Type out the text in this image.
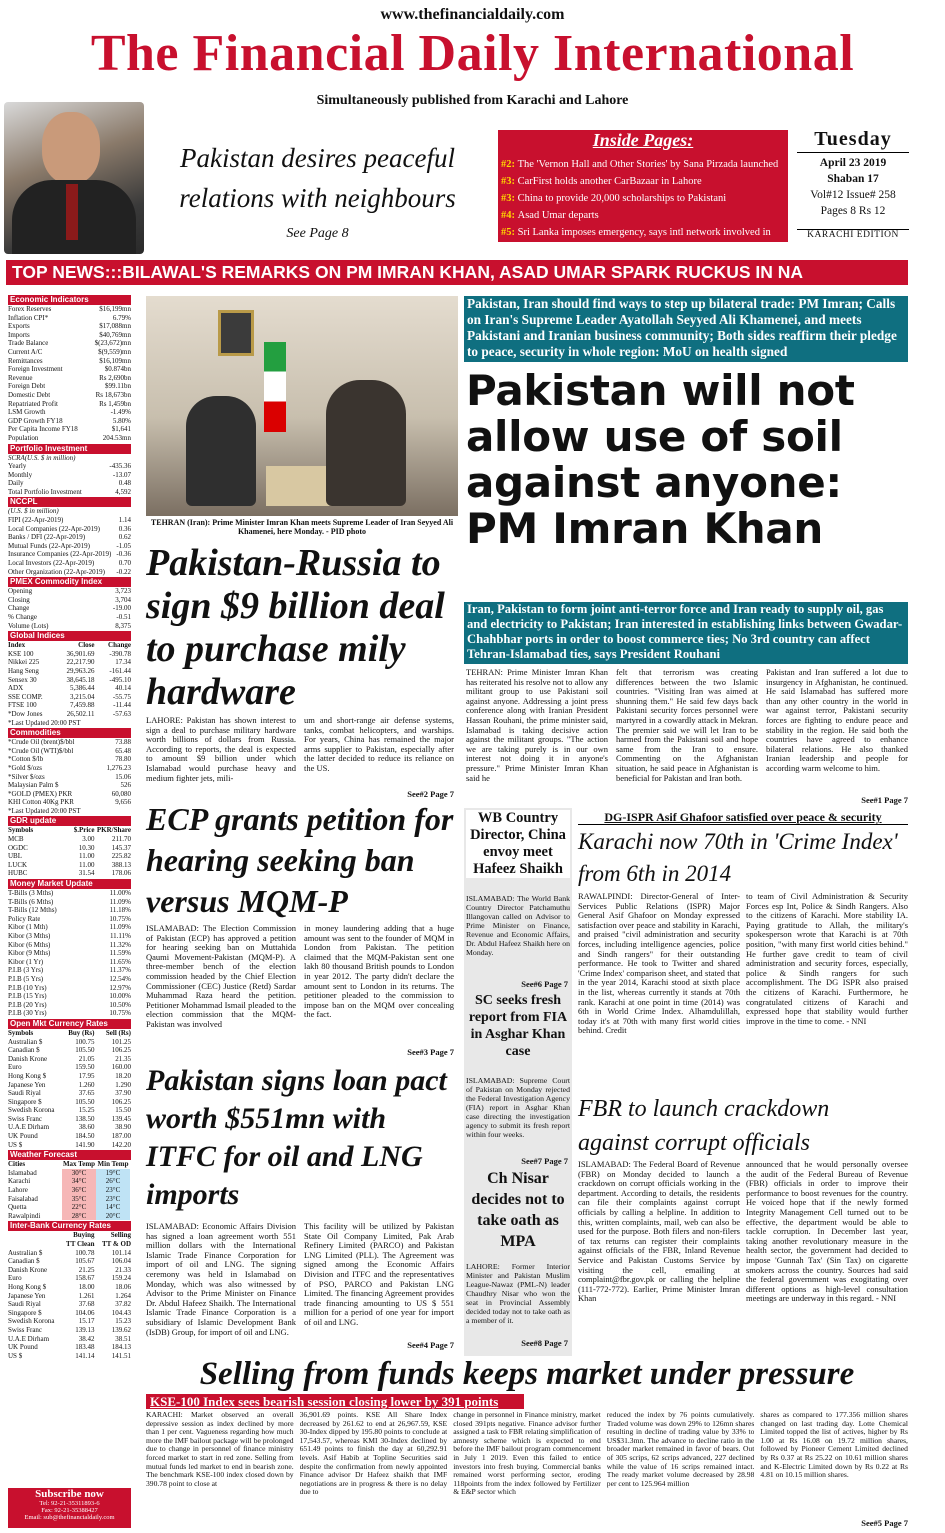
www.thefinancialdaily.com
The Financial Daily International
Simultaneously published from Karachi and Lahore
Pakistan desires peaceful
relations with neighbours
See Page 8
#2: The 'Vernon Hall and Other Stories' by Sana Pirzada launched
#3: CarFirst holds another CarBazaar in Lahore
#3: China to provide 20,000 scholarships to Pakistani
#4: Asad Umar departs
#5: Sri Lanka imposes emergency, says intl network involved in attacks
Inside Pages:	Tuesday
April 23 2019
Shaban 17
Vol#12 Issue# 258
Pages 8 Rs 12
KARACHI EDITION
TOP NEWS:::BILAWAL'S REMARKS ON PM IMRAN KHAN, ASAD UMAR SPARK RUCKUS IN NA
Economic Indicators
Forex Reserves	$16,199mn
Inflation CPI*	6.79%
Exports	$17,088mn
Imports	$40,769mn
Trade Balance	$(23,672)mn
Current A/C	$(9,559)mn
Remittances	$16,109mn
Foreign Investment	$0.874bn
Revenue	Rs 2,690bn
Foreign Debt	$99.11bn
Domestic Debt	Rs 18,673bn
Repatriated Profit	Rs 1,459bn
LSM Growth	-1.49%
GDP Growth FY18	5.80%
Per Capita Income FY18	$1,641
Population	204.53mn
Portfolio Investment
SCRA(U.S. $ in million)
Yearly	-435.36
Monthly	-13.07
Daily	0.48
Total Portfolio Investment	4,592
NCCPL
(U.S. $ in million)
FIPI (22-Apr-2019)	1.14
Local Companies (22-Apr-2019)	0.36
Banks / DFI (22-Apr-2019)	0.62
Mutual Funds (22-Apr-2019)	-1.05
Insurance Companies (22-Apr-2019) -0.36
Local Investors (22-Apr-2019)	0.70
Other Organization (22-Apr-2019) -0.22
PMEX Commodity Index
Opening	3,723
Closing	3,704
Change	-19.00
% Change	-0.51
Volume (Lots)	8,375
Global Indices
Index	Close	Change
KSE 100	36,901.69	-390.78
Nikkei 225	22,217.90	17.34
Hang Seng	29,963.26	-161.44
Sensex 30	38,645.18	-495.10
ADX	5,386.44	40.14
SSE COMP.	3,215.04	-55.75
FTSE 100	7,459.88	-11.44
*Dow Jones	26,502.11	-57.63
*Last Updated 20:00 PST
Commodities
*Crude Oil (brent)$/bbl	73.88
*Crude Oil (WTI)$/bbl	65.48
*Cotton $/lb	78.80
*Gold $/ozs	1,276.23
*Silver $/ozs	15.06
Malaysian Palm $	526
*GOLD (PMEX) PKR	60,080
KHI Cotton 40Kg PKR	9,656
*Last Updated 20:00 PST
GDR update
Symbols	$.Price PKR/Share
MCB	3.00	211.70
OGDC	10.30	145.37
UBL	11.00	225.82
LUCK	11.00	388.13
HUBC	31.54	178.06
Money Market Update
T-Bills (3 Mths)	11.00%
T-Bills (6 Mths)	11.09%
T-Bills (12 Mths)	11.18%
Policy Rate	10.75%
Kibor (1 Mth)	11.09%
Kibor (3 Mths)	11.11%
Kibor (6 Mths)	11.32%
Kibor (9 Mths)	11.59%
Kibor (1 Yr)	11.65%
P.I.B (3 Yrs)	11.37%
P.I.B (5 Yrs)	12.54%
P.I.B (10 Yrs)	12.97%
P.I.B (15 Yrs)	10.00%
P.I.B (20 Yrs)	10.50%
P.I.B (30 Yrs)	10.75%
Open Mkt Currency Rates
Symbols	Buy (Rs)	Sell (Rs)
Australian $	100.75	101.25
Canadian $	105.50	106.25
Danish Krone	21.05	21.35
Euro	159.50	160.00
Hong Kong $	17.95	18.20
Japanese Yen	1.260	1.290
Saudi Riyal	37.65	37.90
Singapore $	105.50	106.25
Swedish Korona	15.25	15.50
Swiss Franc	138.50	139.45
U.A.E Dirham	38.60	38.90
UK Pound	184.50	187.00
US $	141.90	142.20
Weather Forecast
Cities	Max Temp Min Temp
Islamabad	30°C	19°C
Karachi	34°C	26°C
Lahore	36°C	23°C
Faisalabad	35°C	23°C
Quetta	22°C	14°C
Rawalpindi	28°C	20°C
Inter-Bank Currency Rates
Buying	Selling
TT Clean	TT & OD
Australian $	100.78	101.14
Canadian $	105.67	106.04
Danish Krone	21.25	21.33
Euro	158.67	159.24
Hong Kong $	18.00	18.06
Japanese Yen	1.261	1.264
Saudi Riyal	37.68	37.82
Singapore $	104.06	104.43
Swedish Korona	15.17	15.23
Swiss Franc	139.13	139.62
U.A.E Dirham	38.42	38.51
UK Pound	183.48	184.13
US $	141.14	141.51
Subscribe now
Tel: 92-21-35311893-6
Fax: 92-21-35388427
Email: sub@thefinancialdaily.com
TEHRAN (Iran): Prime Minister Imran Khan meets Supreme Leader of Iran Seyyed Ali Khamenei, here Monday. - PID photo
Pakistan-Russia to sign $9 billion deal to purchase mily hardware
LAHORE: Pakistan has shown interest to sign a deal to purchase military hardware worth billions of dollars from Russia. According to reports, the deal is expected to amount $9 billion under which Islamabad would purchase heavy and medium fighter jets, mili-
um and short-range air defense systems, tanks, combat helicopters, and warships. For years, China has remained the major arms supplier to Pakistan, especially after the latter decided to reduce its reliance on the US.
See#2 Page 7
ECP grants petition for hearing seeking ban versus MQM-P
ISLAMABAD: The Election Commission of Pakistan (ECP) has approved a petition for hearing seeking ban on Muttahida Qaumi Movement-Pakistan (MQM-P). A three-member bench of the election commission headed by the Chief Election Commissioner (CEC) Justice (Retd) Sardar Muhammad Raza heard the petition. Petitioner Mohammad Ismail pleaded to the election commission that the MQM-Pakistan was involved
in money laundering adding that a huge amount was sent to the founder of MQM in London from Pakistan. The petition claimed that the MQM-Pakistan sent one lakh 80 thousand British pounds to London in year 2012. The party didn't declare the amount sent to London in its returns. The petitioner pleaded to the commission to impose ban on the MQM over concealing the fact.
See#3 Page 7
Pakistan signs loan pact worth $551mn with ITFC for oil and LNG imports
ISLAMABAD: Economic Affairs Division has signed a loan agreement worth 551 million dollars with the International Islamic Trade Finance Corporation for import of oil and LNG. The signing ceremony was held in Islamabad on Monday, which was also witnessed by Advisor to the Prime Minister on Finance Dr. Abdul Hafeez Shaikh. The International Islamic Trade Finance Corporation is a subsidiary of Islamic Development Bank (IsDB) Group, for import of oil and LNG.
This facility will be utilized by Pakistan State Oil Company Limited, Pak Arab Refinery Limited (PARCO) and Pakistan LNG Limited (PLL). The Agreement was signed among the Economic Affairs Division and ITFC and the representatives of PSO, PARCO and Pakistan LNG Limited. The financing Agreement provides trade financing amounting to US $ 551 million for a period of one year for import of oil and LNG.
See#4 Page 7
Pakistan, Iran should find ways to step up bilateral trade: PM Imran; Calls on Iran's Supreme Leader Ayatollah Seyyed Ali Khamenei, and meets Pakistani and Iranian business community; Both sides reaffirm their pledge to peace, security in whole region: MoU on health signed
Pakistan will not allow use of soil against anyone: PM Imran Khan
Iran, Pakistan to form joint anti-terror force and Iran ready to supply oil, gas and electricity to Pakistan; Iran interested in establishing links between Gwadar-Chahbhar ports in order to boost commerce ties; No 3rd country can affect Tehran-Islamabad ties, says President Rouhani
TEHRAN: Prime Minister Imran Khan has reiterated his resolve not to allow any militant group to use Pakistani soil against anyone. Addressing a joint press conference along with Iranian President Hassan Rouhani, the prime minister said, Islamabad is taking decisive action against the militant groups. "The action we are taking purely is in our own interest not doing it in anyone's pressure." Prime Minister Imran Khan said he
felt that terrorism was creating differences between the two Islamic countries. "Visiting Iran was aimed at shunning them." He said few days back Pakistani security forces personnel were martyred in a cowardly attack in Mekran. The premier said we will let Iran to be harmed from the Pakistani soil and hope same from the Iran to ensure. Commenting on the Afghanistan situation, he said peace in Afghanistan is beneficial for Pakistan and Iran both.
Pakistan and Iran suffered a lot due to insurgency in Afghanistan, he continued. He said Islamabad has suffered more than any other country in the world in war against terror, Pakistani security forces are fighting to endure peace and stability in the region. He said both the countries have agreed to enhance bilateral relations. He also thanked Iranian leadership and people for according warm welcome to him.
See#1 Page 7
WB Country Director, China envoy meet Hafeez Shaikh
ISLAMABAD: The World Bank Country Director Patchamuthu Illangovan called on Advisor to Prime Minister on Finance, Revenue and Economic Affairs, Dr. Abdul Hafeez Shaikh here on Monday.
See#6 Page 7
SC seeks fresh report from FIA in Asghar Khan case
ISLAMABAD: Supreme Court of Pakistan on Monday rejected the Federal Investigation Agency (FIA) report in Asghar Khan case directing the investigation agency to submit its fresh report within four weeks.
See#7 Page 7
Ch Nisar decides not to take oath as MPA
LAHORE: Former Interior Minister and Pakistan Muslim League-Nawaz (PML-N) leader Chaudhry Nisar who won the seat in Provincial Assembly decided today not to take oath as a member of it.
See#8 Page 7
DG-ISPR Asif Ghafoor satisfied over peace & security
Karachi now 70th in 'Crime Index' from 6th in 2014
RAWALPINDI: Director-General of Inter-Services Public Relations (ISPR) Major General Asif Ghafoor on Monday expressed satisfaction over peace and stability in Karachi, and praised "civil administration and security forces, including intelligence agencies, police and Sindh rangers" for their outstanding performance. He took to Twitter and shared 'Crime Index' comparison sheet, and stated that in the year 2014, Karachi stood at sixth place in the list, whereas currently it stands at 70th rank. Karachi at one point in time (2014) was 6th in World Crime Index. Alhamdulillah, today it's at 70th with many first world cities behind. Credit
to team of Civil Administration & Security Forces esp Int, Police & Sindh Rangers. Also to the citizens of Karachi. More stability IA. Paying gratitude to Allah, the military's spokesperson wrote that Karachi is at 70th position, "with many first world cities behind." He further gave credit to team of civil administration and security forces, especially, police & Sindh rangers for such accomplishment. The DG ISPR also praised the citizens of Karachi. Furthermore, he congratulated citizens of Karachi and expressed hope that stability would further improve in the time to come. - NNI
FBR to launch crackdown
against corrupt officials
ISLAMABAD: The Federal Board of Revenue (FBR) on Monday decided to launch a crackdown on corrupt officials working in the department. According to details, the residents can file their complaints against corrupt officials by calling a helpline. In addition to this, written complaints, mail, web can also be used for the purpose. Both filers and non-filers of tax returns can register their complaints against officials of the FBR, Inland Revenue Service and Pakistan Customs Service by visiting the cell, emailing at complaint@fbr.gov.pk or calling the helpline (111-772-772). Earlier, Prime Minister Imran Khan
announced that he would personally oversee the audit of the Federal Bureau of Revenue (FBR) officials in order to improve their performance to boost revenues for the country. He voiced hope that if the newly formed Integrity Management Cell turned out to be effective, the department would be able to tackle corruption. In December last year, taking another revolutionary measure in the health sector, the government had decided to impose 'Gunnah Tax' (Sin Tax) on cigarette smokers across the country. Sources had said the federal government was exogitating over different options as high-level consultation meetings are underway in this regard. - NNI
Selling from funds keeps market under pressure
KSE-100 Index sees bearish session closing lower by 391 points
KARACHI: Market observed an overall depressive session as index declined by more than 1 per cent. Vagueness regarding how much more the IMF bailout package will be prolonged due to change in personnel of finance ministry forced market to start in red zone. Selling from mutual funds led market to end in bearish zone. The benchmark KSE-100 index closed down by 390.78 point to close at
36,901.69 points. KSE All Share Index decreased by 261.62 to end at 26,967.59, KSE 30-Index dipped by 195.80 points to conclude at 17,543.57, whereas KMI 30-Index declined by 651.49 points to finish the day at 60,292.91 levels. Asif Habib at Topline Securities said despite the confirmation from newly appointed Finance advisor Dr Hafeez shaikh that IMF negotiations are in progress & there is no delay due to
change in personnel in Finance ministry, market closed 391pts negative. Finance advisor further assigned a task to FBR relating simplification of amnesty scheme which is expected to end before the IMF bailout program commencement in July 1 2019. Even this failed to entice investors into fresh buying. Commercial banks remained worst performing sector, eroding 118points from the index followed by Fertilizer & E&P sector which
reduced the index by 76 points cumulatively. Traded volume was down 29% to 126mn shares resulting in decline of trading value by 33% to US$31.3mn. The advance to decline ratio in the broader market remained in favor of bears. Out of 305 scrips, 62 scrips advanced, 227 declined while the value of 16 scrips remained intact. The ready market volume decreased by 28.98 per cent to 125.964 million
shares as compared to 177.356 million shares changed on last trading day. Lotte Chemical Limited topped the list of actives, higher by Rs 1.00 at Rs 16.08 on 19.72 million shares, followed by Pioneer Cement Limited declined by Rs 0.37 at Rs 25.22 on 10.61 million shares and K-Electric Limited down by Rs 0.22 at Rs 4.81 on 10.15 million shares.
See#5 Page 7
